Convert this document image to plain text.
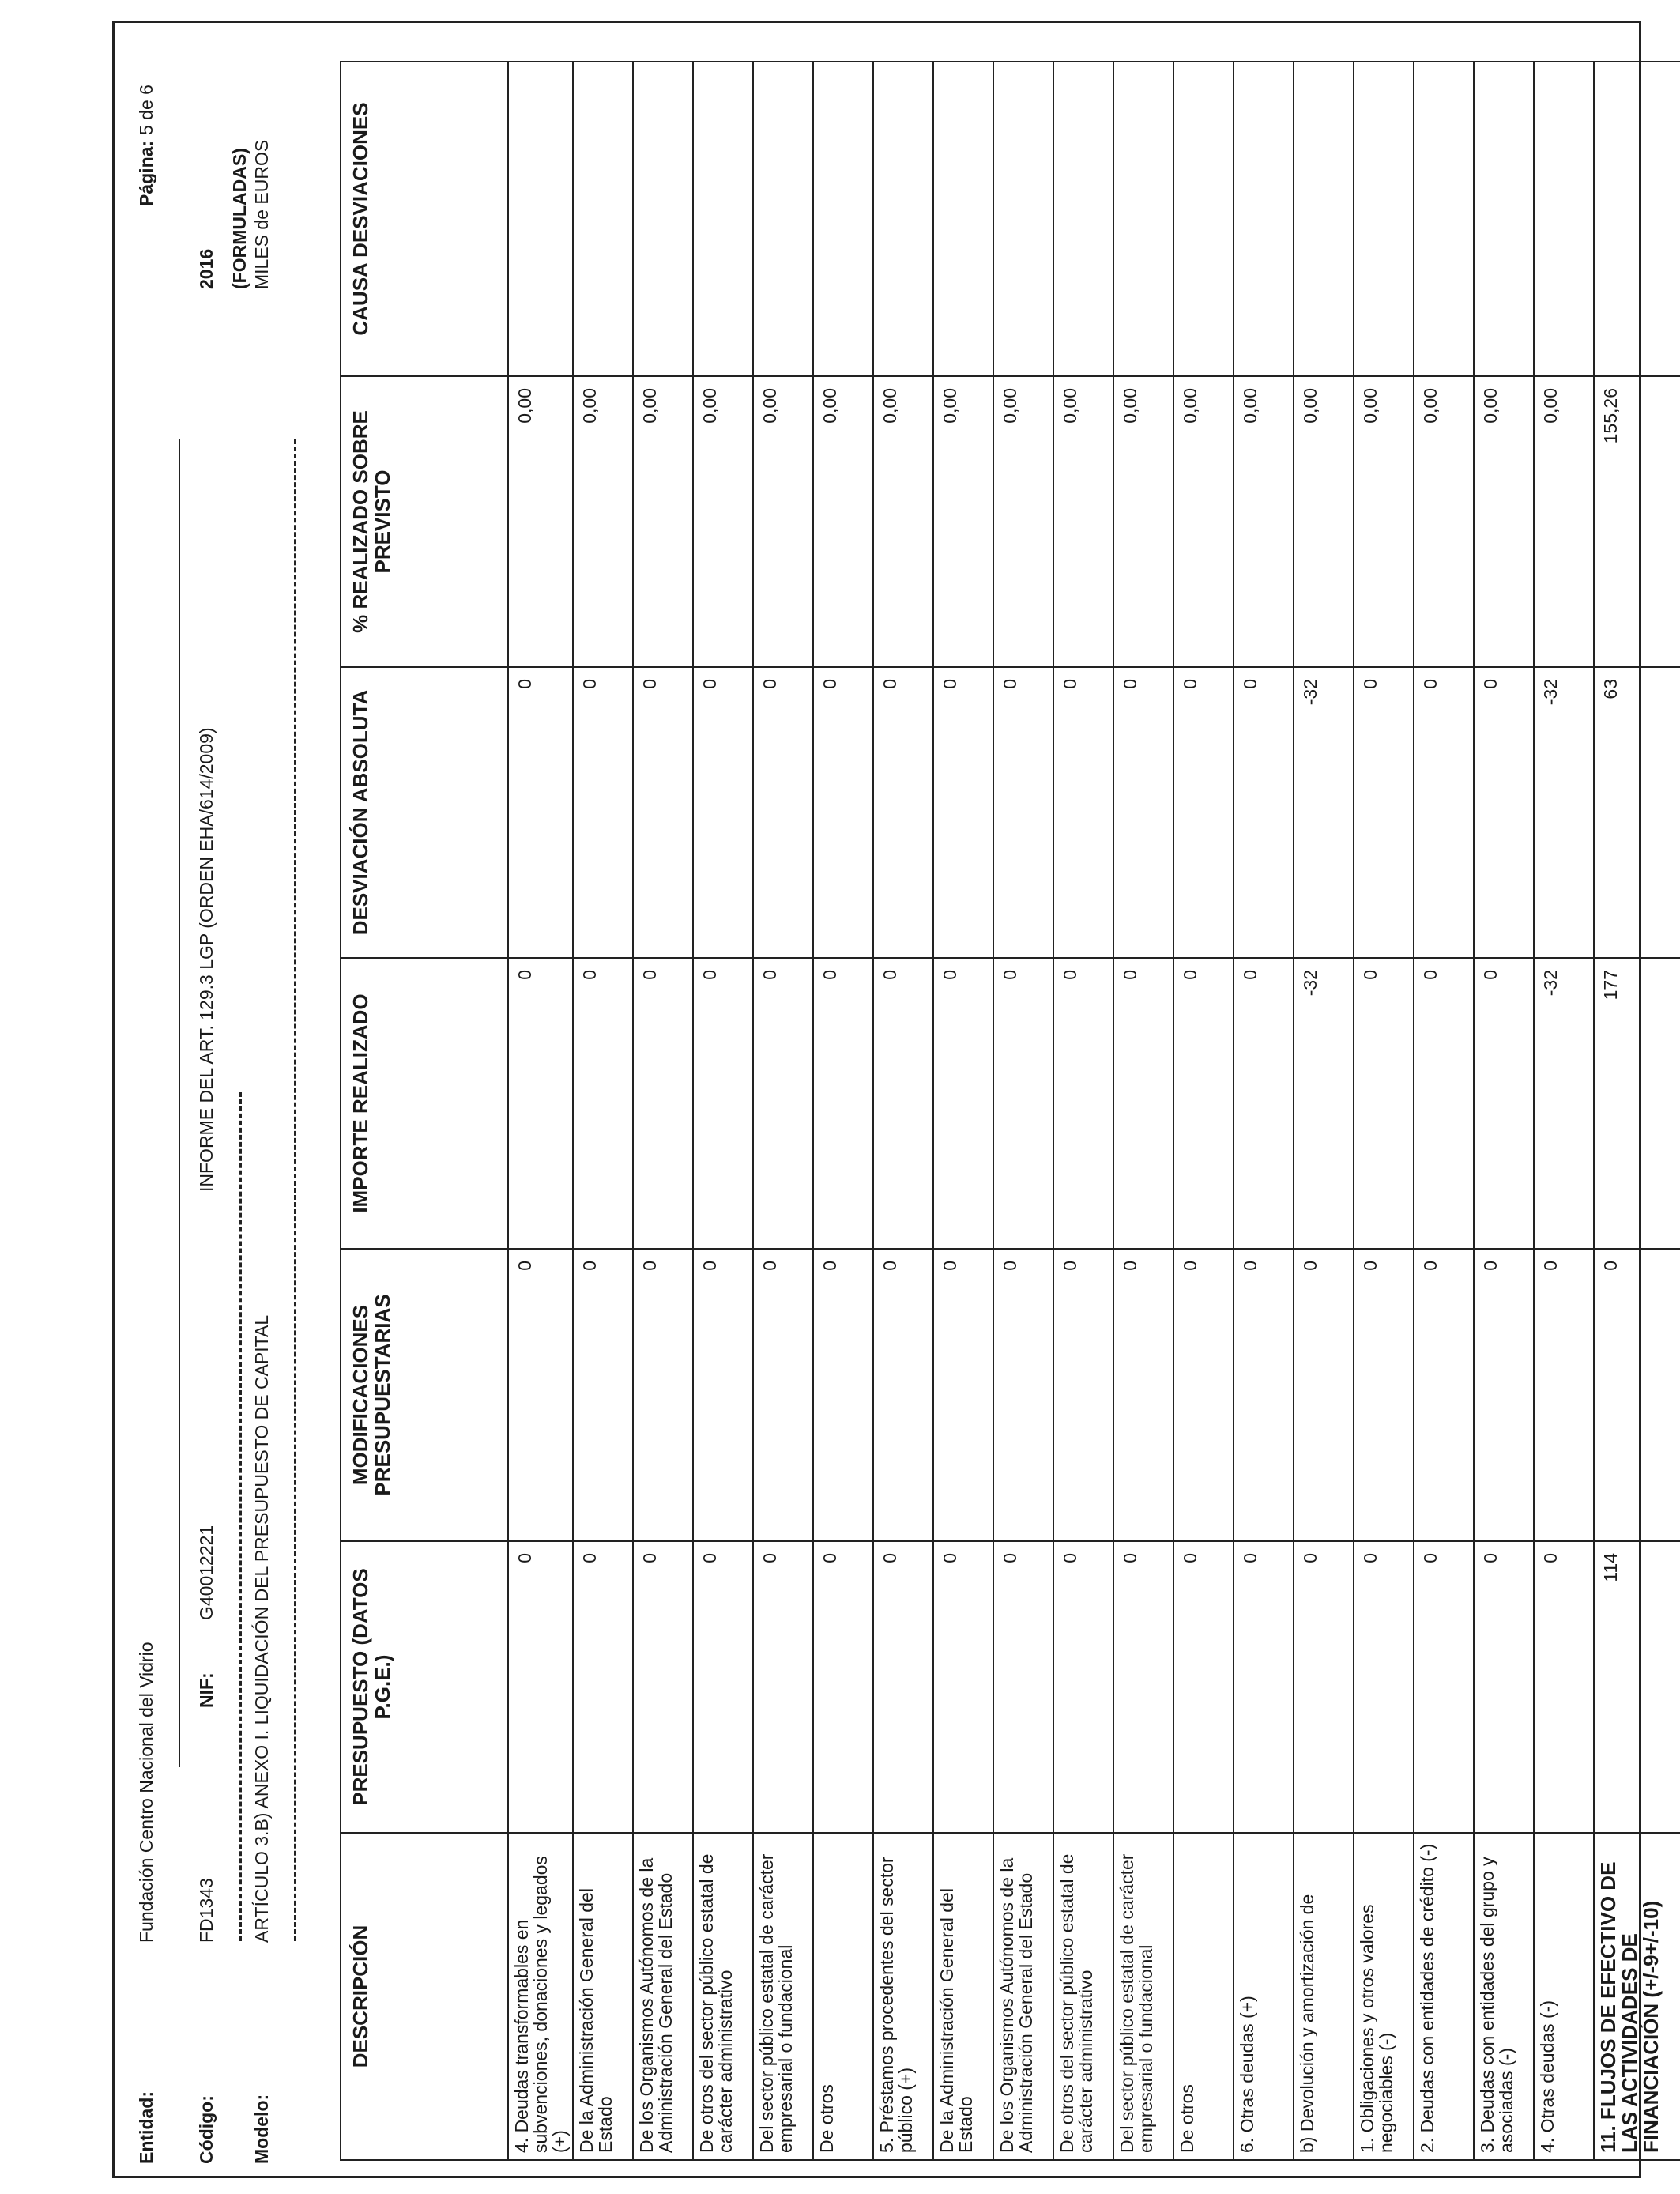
Entidad:
Fundación Centro Nacional del Vidrio
Código:
FD1343
NIF:
G40012221
INFORME DEL ART. 129.3 LGP (ORDEN EHA/614/2009)
Modelo:
ARTÍCULO 3.B) ANEXO I. LIQUIDACIÓN DEL PRESUPUESTO DE CAPITAL
Página:
5 de 6
2016 (FORMULADAS) MILES de EUROS
DESCRIPCIÓN	PRESUPUESTO (DATOS P.G.E.)	MODIFICACIONES PRESUPUESTARIAS	IMPORTE REALIZADO	DESVIACIÓN ABSOLUTA	% REALIZADO SOBRE PREVISTO	CAUSA DESVIACIONES
4. Deudas transformables en subvenciones, donaciones y legados (+)	0	0	0	0	0,00	
De la Administración General del Estado	0	0	0	0	0,00	
De los Organismos Autónomos de la Administración General del Estado	0	0	0	0	0,00	
De otros del sector público estatal de carácter administrativo	0	0	0	0	0,00	
Del sector público estatal de carácter empresarial o fundacional	0	0	0	0	0,00	
De otros	0	0	0	0	0,00	
5. Préstamos procedentes del sector público (+)	0	0	0	0	0,00	
De la Administración General del Estado	0	0	0	0	0,00	
De los Organismos Autónomos de la Administración General del Estado	0	0	0	0	0,00	
De otros del sector público estatal de carácter administrativo	0	0	0	0	0,00	
Del sector público estatal de carácter empresarial o fundacional	0	0	0	0	0,00	
De otros	0	0	0	0	0,00	
6. Otras deudas (+)	0	0	0	0	0,00	
b) Devolución y amortización de	0	0	-32	-32	0,00	
1. Obligaciones y otros valores negociables (-)	0	0	0	0	0,00	
2. Deudas con entidades de crédito (-)	0	0	0	0	0,00	
3. Deudas con entidades del grupo y asociadas (-)	0	0	0	0	0,00	
4. Otras deudas (-)	0	0	-32	-32	0,00	
11. FLUJOS DE EFECTIVO DE LAS ACTIVIDADES DE FINANCIACIÓN (+/-9+/-10)	114	0	177	63	155,26	
